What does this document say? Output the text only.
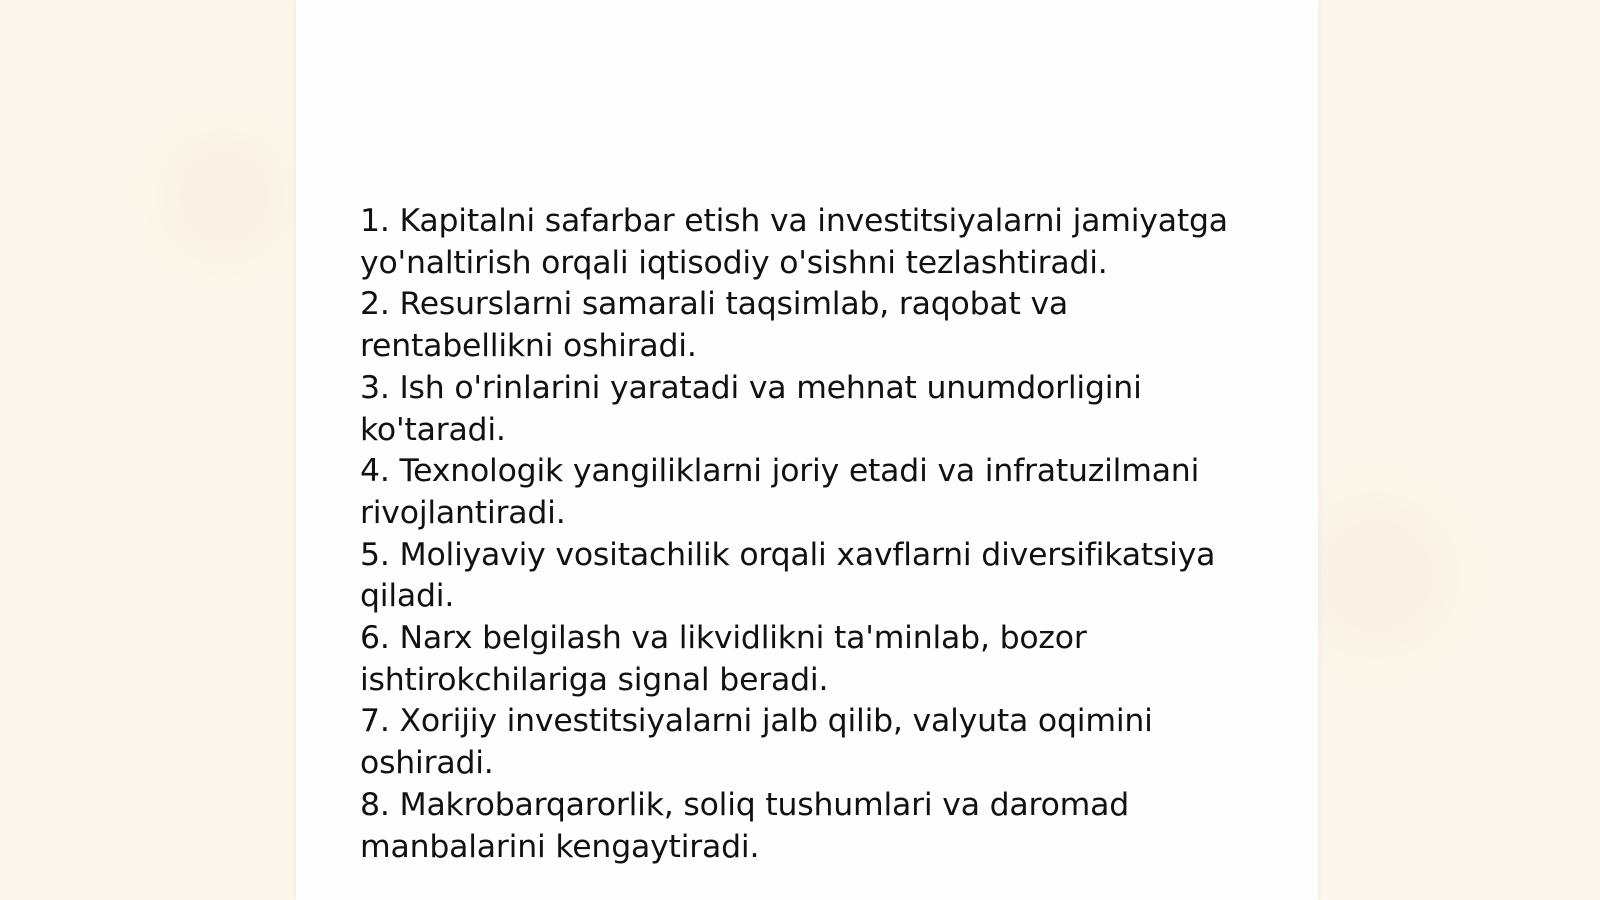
1. Kapitalni safarbar etish va investitsiyalarni jamiyatga yo'naltirish orqali iqtisodiy o'sishni tezlashtiradi.
2. Resurslarni samarali taqsimlab, raqobat va rentabellikni oshiradi.
3. Ish o'rinlarini yaratadi va mehnat unumdorligini ko'taradi.
4. Texnologik yangiliklarni joriy etadi va infratuzilmani rivojlantiradi.
5. Moliyaviy vositachilik orqali xavflarni diversifikatsiya qiladi.
6. Narx belgilash va likvidlikni ta'minlab, bozor ishtirokchilariga signal beradi.
7. Xorijiy investitsiyalarni jalb qilib, valyuta oqimini oshiradi.
8. Makrobarqarorlik, soliq tushumlari va daromad manbalarini kengaytiradi.
